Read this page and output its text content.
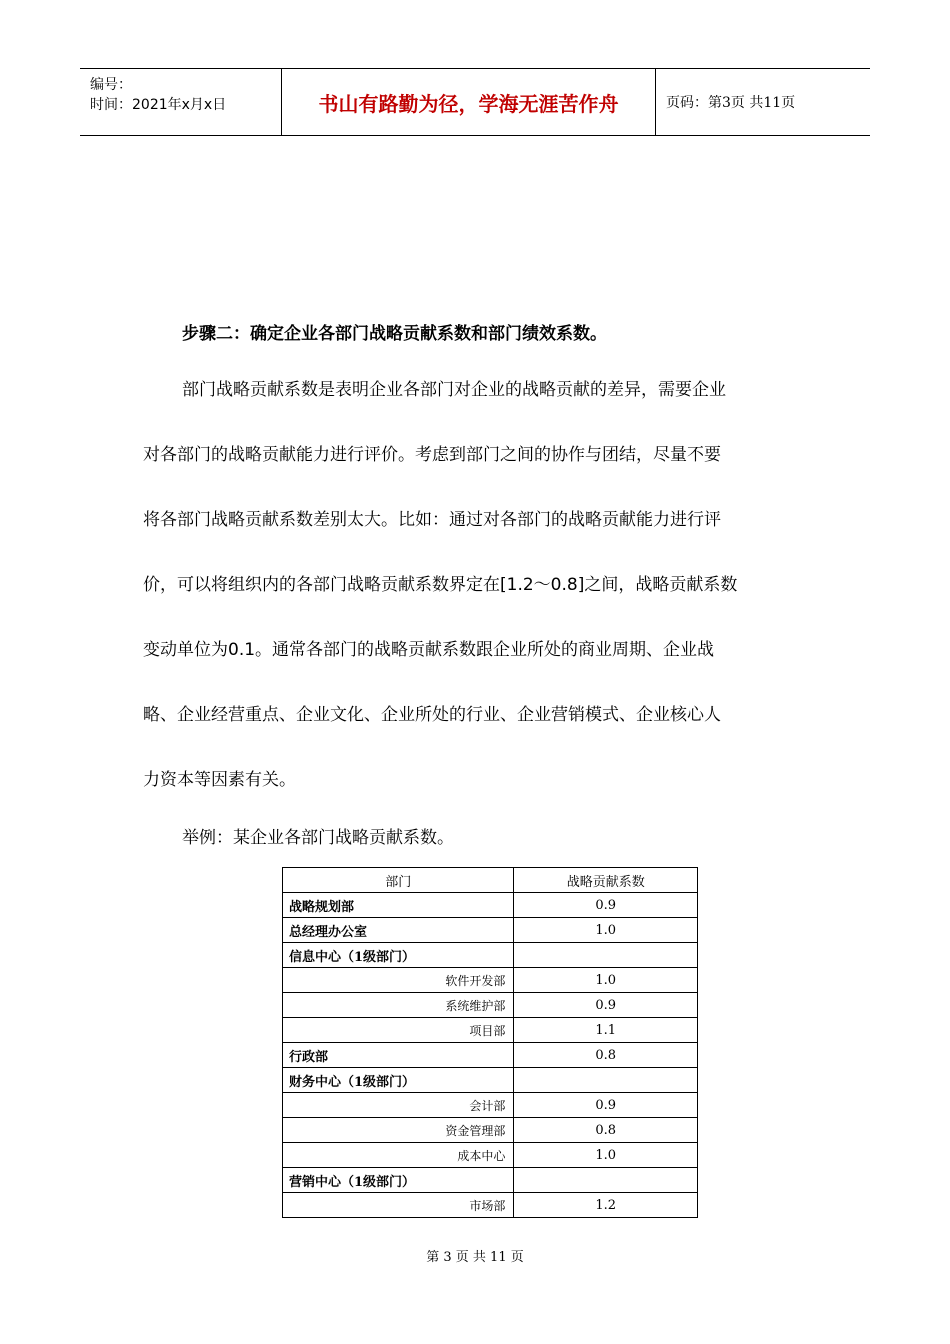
编号：
时间：2021年x月x日	书山有路勤为径，学海无涯苦作舟	页码：第3页 共11页
步骤二：确定企业各部门战略贡献系数和部门绩效系数。
部门战略贡献系数是表明企业各部门对企业的战略贡献的差异，需要企业
对各部门的战略贡献能力进行评价。考虑到部门之间的协作与团结，尽量不要
将各部门战略贡献系数差别太大。比如：通过对各部门的战略贡献能力进行评
价，可以将组织内的各部门战略贡献系数界定在[1.2～0.8]之间，战略贡献系数
变动单位为0.1。通常各部门的战略贡献系数跟企业所处的商业周期、企业战
略、企业经营重点、企业文化、企业所处的行业、企业营销模式、企业核心人
力资本等因素有关。
举例：某企业各部门战略贡献系数。
部门	战略贡献系数
战略规划部	0.9
总经理办公室	1.0
信息中心（1级部门）	
软件开发部	1.0
系统维护部	0.9
项目部	1.1
行政部	0.8
财务中心（1级部门）	
会计部	0.9
资金管理部	0.8
成本中心	1.0
营销中心（1级部门）	
市场部	1.2
第 3 页 共 11 页
